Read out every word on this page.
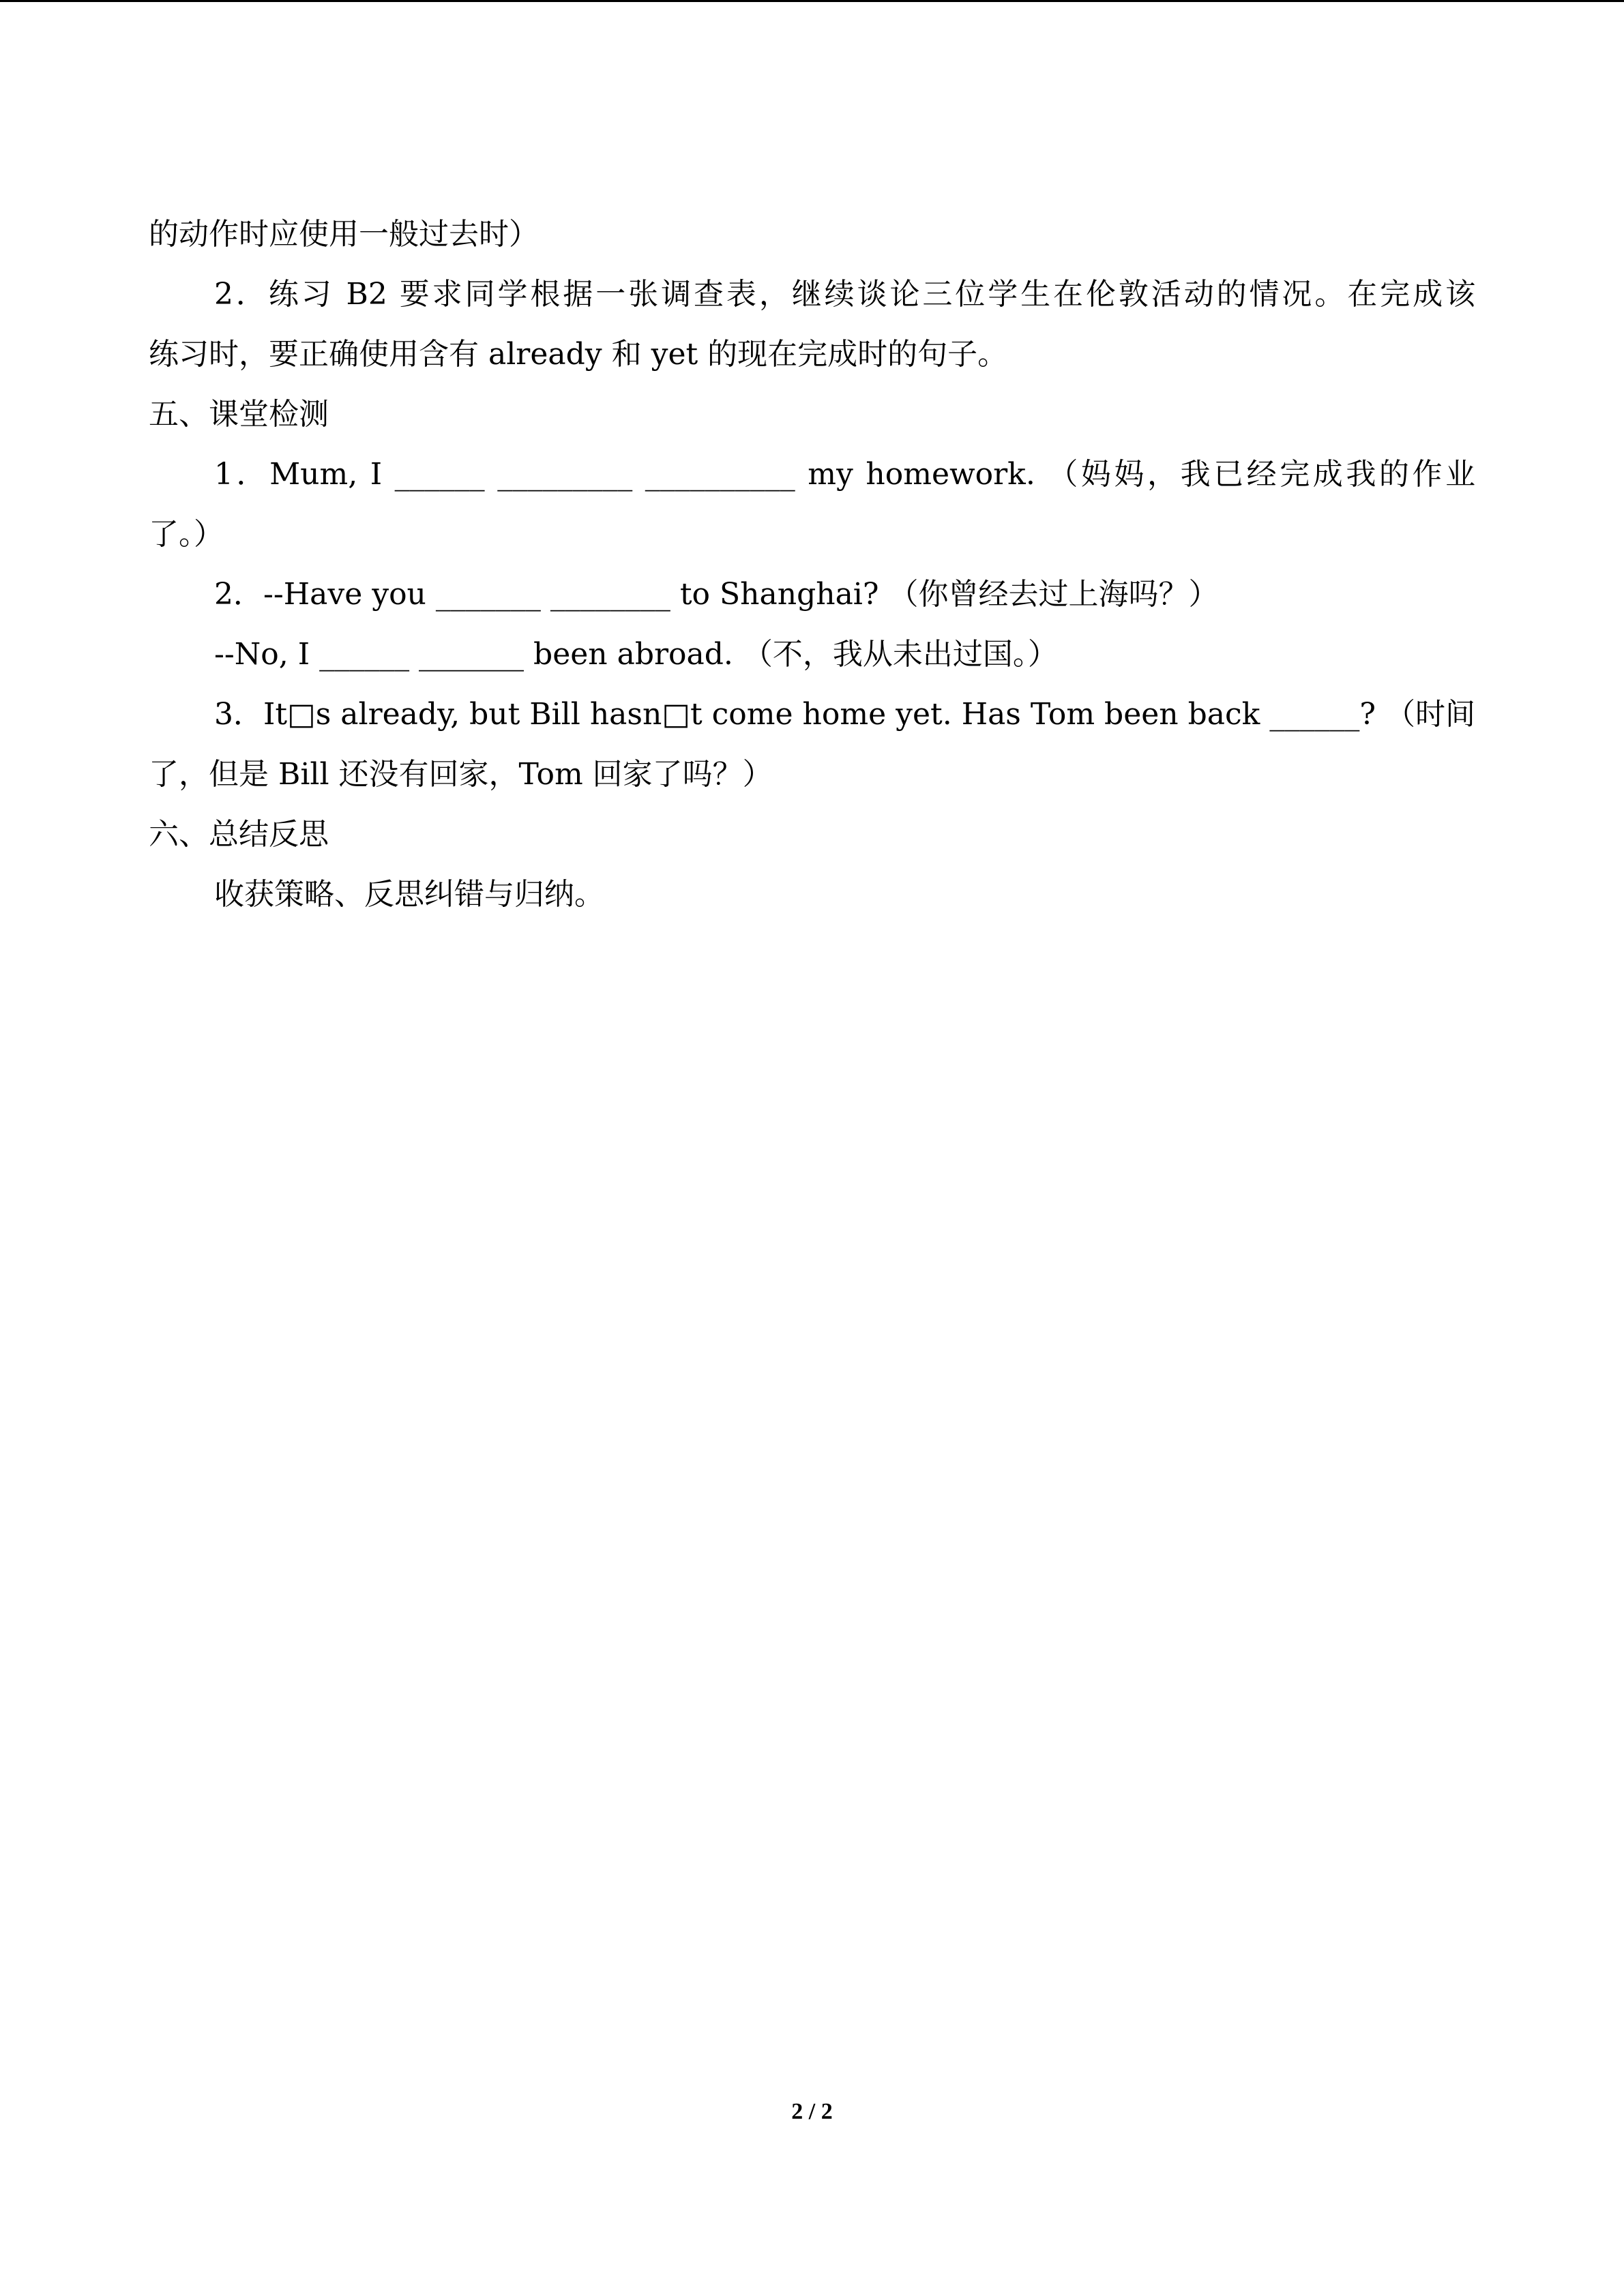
的动作时应使用一般过去时）
2．练习 B2 要求同学根据一张调查表，继续谈论三位学生在伦敦活动的情况。在完成该
练习时，要正确使用含有 already 和 yet 的现在完成时的句子。
五、课堂检测
1．Mum, I ______ _________ __________ my homework. （妈妈，我已经完成我的作业
了。）
2．--Have you _______ ________ to Shanghai? （你曾经去过上海吗？）
--No, I ______ _______ been abroad. （不，我从未出过国。）
3．It□s already, but Bill hasn□t come home yet. Has Tom been back ______? （时间
了，但是 Bill 还没有回家，Tom 回家了吗？）
六、总结反思
收获策略、反思纠错与归纳。
2 / 2
